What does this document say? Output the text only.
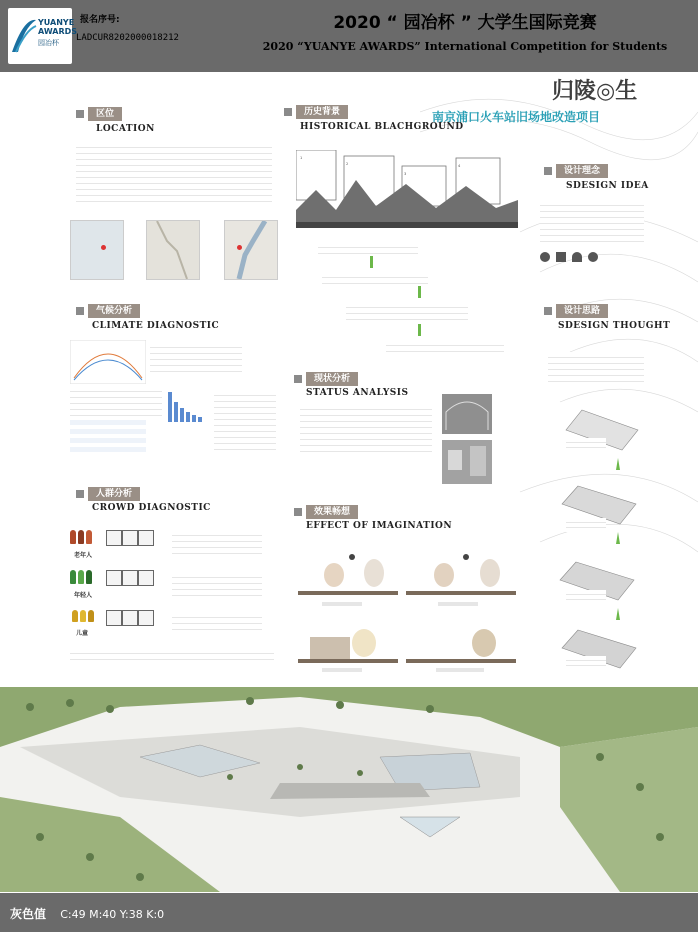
YUANYE AWARDS
园冶杯
报名序号:
LADCUR8202000018212
2020 “ 园冶杯 ” 大学生国际竞赛
2020 “YUANYE AWARDS” International Competition for Students
归陵◎生
南京浦口火车站旧场地改造项目
区位
LOCATION
历史背景
HISTORICAL BLACHGROUND
1
2
3
4	设计理念
SDESIGN IDEA
气候分析
CLIMATE DIAGNOSTIC
设计思路
SDESIGN THOUGHT
现状分析
STATUS ANALYSIS
人群分析
CROWD DIAGNOSTIC
老年人
年轻人
儿童
效果畅想
EFFECT OF IMAGINATION
灰色值 C:49 M:40 Y:38 K:0
